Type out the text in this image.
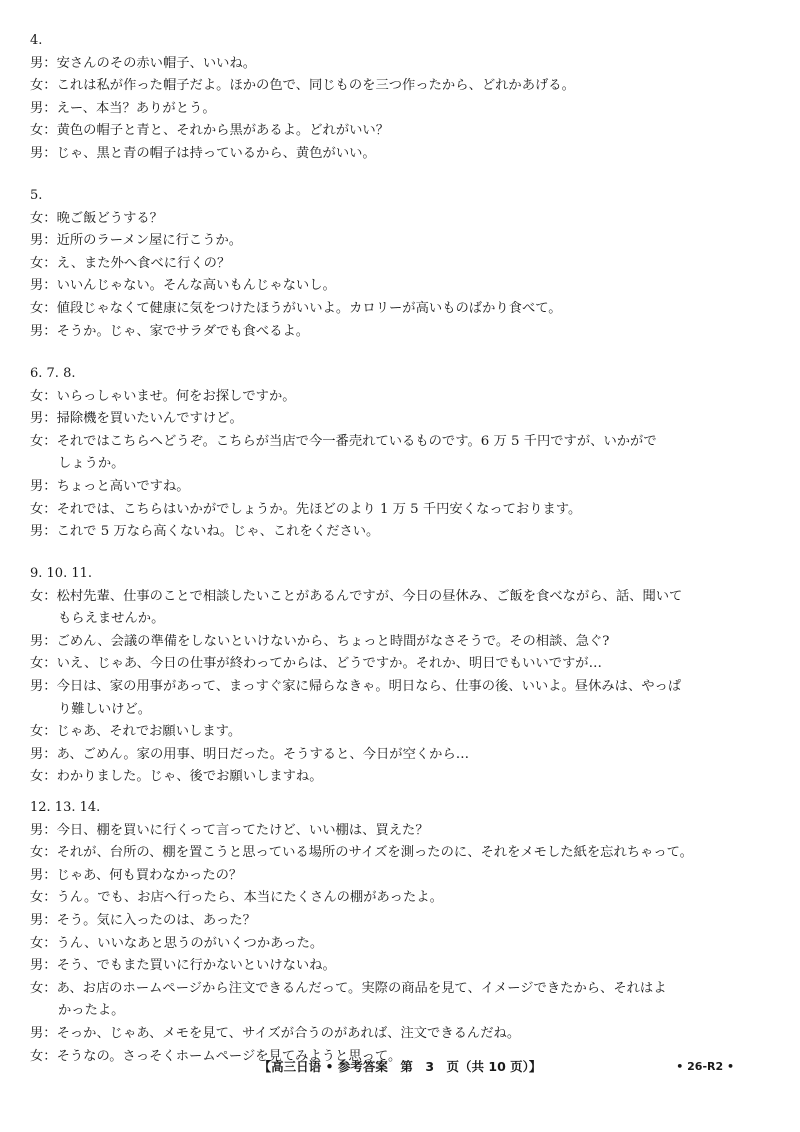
【高三日语 • 参考答案　第　3　页（共 10 页）】	• 26-R2 •
4.
男：安さんのその赤い帽子、いいね。
女：これは私が作った帽子だよ。ほかの色で、同じものを三つ作ったから、どれかあげる。
男：えー、本当？ありがとう。
女：黄色の帽子と青と、それから黒があるよ。どれがいい？
男：じゃ、黒と青の帽子は持っているから、黄色がいい。
5.
女：晩ご飯どうする？
男：近所のラーメン屋に行こうか。
女：え、また外へ食べに行くの？
男：いいんじゃない。そんな高いもんじゃないし。
女：値段じゃなくて健康に気をつけたほうがいいよ。カロリーが高いものばかり食べて。
男：そうか。じゃ、家でサラダでも食べるよ。
6. 7. 8.
女：いらっしゃいませ。何をお探しですか。
男：掃除機を買いたいんですけど。
女：それではこちらへどうぞ。こちらが当店で今一番売れているものです。6 万 5 千円ですが、いかがで
しょうか。
男：ちょっと高いですね。
女：それでは、こちらはいかがでしょうか。先ほどのより 1 万 5 千円安くなっております。
男：これで 5 万なら高くないね。じゃ、これをください。
9. 10. 11.
女：松村先輩、仕事のことで相談したいことがあるんですが、今日の昼休み、ご飯を食べながら、話、聞いて
もらえませんか。
男：ごめん、会議の準備をしないといけないから、ちょっと時間がなさそうで。その相談、急ぐ?
女：いえ、じゃあ、今日の仕事が終わってからは、どうですか。それか、明日でもいいですが…
男：今日は、家の用事があって、まっすぐ家に帰らなきゃ。明日なら、仕事の後、いいよ。昼休みは、やっぱ
り難しいけど。
女：じゃあ、それでお願いします。
男：あ、ごめん。家の用事、明日だった。そうすると、今日が空くから…
女：わかりました。じゃ、後でお願いしますね。
12. 13. 14.
男：今日、棚を買いに行くって言ってたけど、いい棚は、買えた？
女：それが、台所の、棚を置こうと思っている場所のサイズを測ったのに、それをメモした紙を忘れちゃって。
男：じゃあ、何も買わなかったの？
女：うん。でも、お店へ行ったら、本当にたくさんの棚があったよ。
男：そう。気に入ったのは、あった？
女：うん、いいなあと思うのがいくつかあった。
男：そう、でもまた買いに行かないといけないね。
女：あ、お店のホームページから注文できるんだって。実際の商品を見て、イメージできたから、それはよ
かったよ。
男：そっか、じゃあ、メモを見て、サイズが合うのがあれば、注文できるんだね。
女：そうなの。さっそくホームページを見てみようと思って。
